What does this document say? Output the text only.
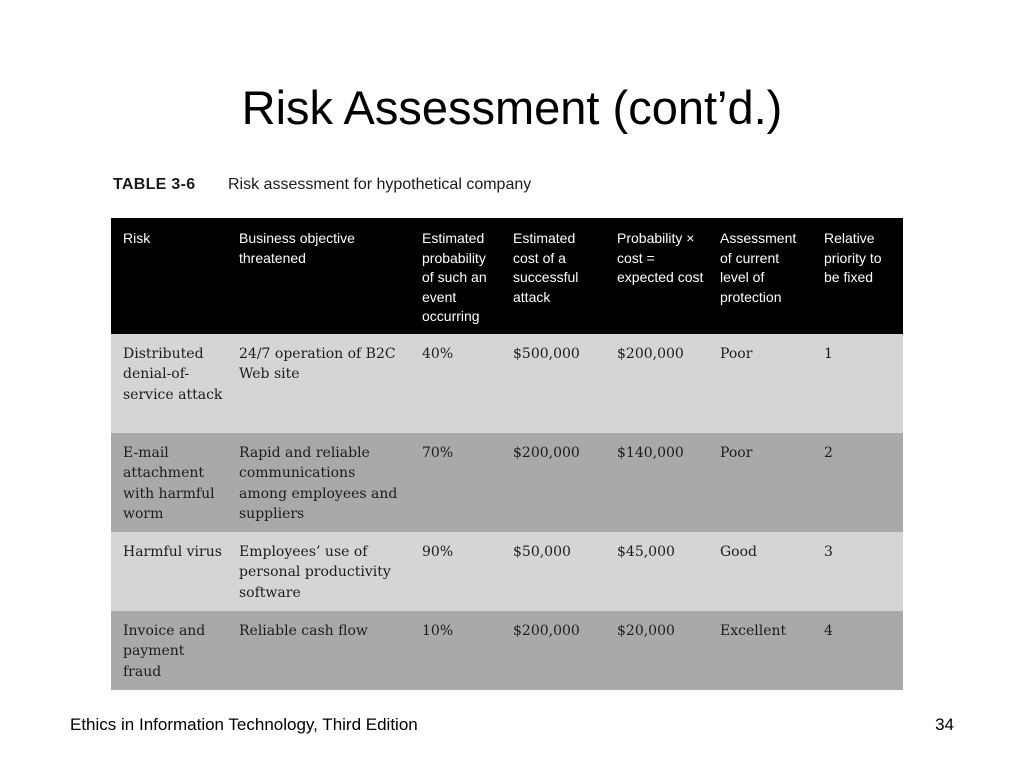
Risk Assessment (cont’d.)
TABLE 3-6 Risk assessment for hypothetical company
Risk	Business objective threatened	Estimated probability of such an event occurring	Estimated cost of a successful attack	Probability × cost = expected cost	Assessment of current level of protection	Relative priority to be fixed
Distributed denial-of-service attack	24/7 operation of B2C Web site	40%	$500,000	$200,000	Poor	1
E-mail attachment with harmful worm	Rapid and reliable communications among employees and suppliers	70%	$200,000	$140,000	Poor	2
Harmful virus	Employees’ use of personal productivity software	90%	$50,000	$45,000	Good	3
Invoice and payment fraud	Reliable cash flow	10%	$200,000	$20,000	Excellent	4
Ethics in Information Technology, Third Edition	34
